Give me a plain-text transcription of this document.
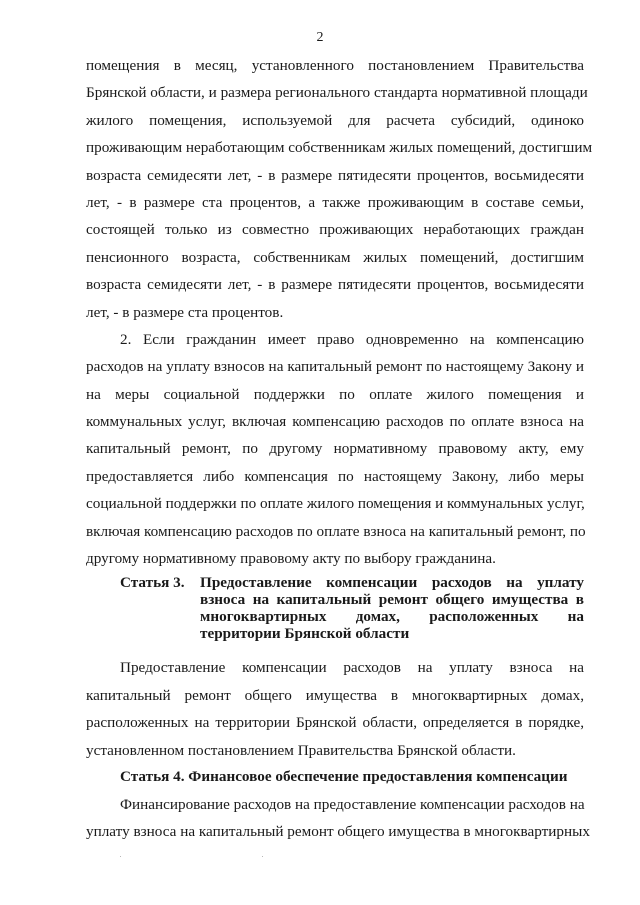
2
помещения в месяц, установленного постановлением Правительства
Брянской области, и размера регионального стандарта нормативной площади
жилого помещения, используемой для расчета субсидий, одиноко
проживающим неработающим собственникам жилых помещений, достигшим
возраста семидесяти лет, - в размере пятидесяти процентов, восьмидесяти
лет, - в размере ста процентов, а также проживающим в составе семьи,
состоящей только из совместно проживающих неработающих граждан
пенсионного возраста, собственникам жилых помещений, достигшим
возраста семидесяти лет, - в размере пятидесяти процентов, восьмидесяти
лет, - в размере ста процентов.
2. Если гражданин имеет право одновременно на компенсацию
расходов на уплату взносов на капитальный ремонт по настоящему Закону и
на меры социальной поддержки по оплате жилого помещения и
коммунальных услуг, включая компенсацию расходов по оплате взноса на
капитальный ремонт, по другому нормативному правовому акту, ему
предоставляется либо компенсация по настоящему Закону, либо меры
социальной поддержки по оплате жилого помещения и коммунальных услуг,
включая компенсацию расходов по оплате взноса на капитальный ремонт, по
другому нормативному правовому акту по выбору гражданина.
Статья 3.	Предоставление компенсации расходов на уплату
взноса на капитальный ремонт общего имущества в
многоквартирных домах, расположенных на
территории Брянской области
Предоставление компенсации расходов на уплату взноса на
капитальный ремонт общего имущества в многоквартирных домах,
расположенных на территории Брянской области, определяется в порядке,
установленном постановлением Правительства Брянской области.
Статья 4. Финансовое обеспечение предоставления компенсации
Финансирование расходов на предоставление компенсации расходов на
уплату взноса на капитальный ремонт общего имущества в многоквартирных
